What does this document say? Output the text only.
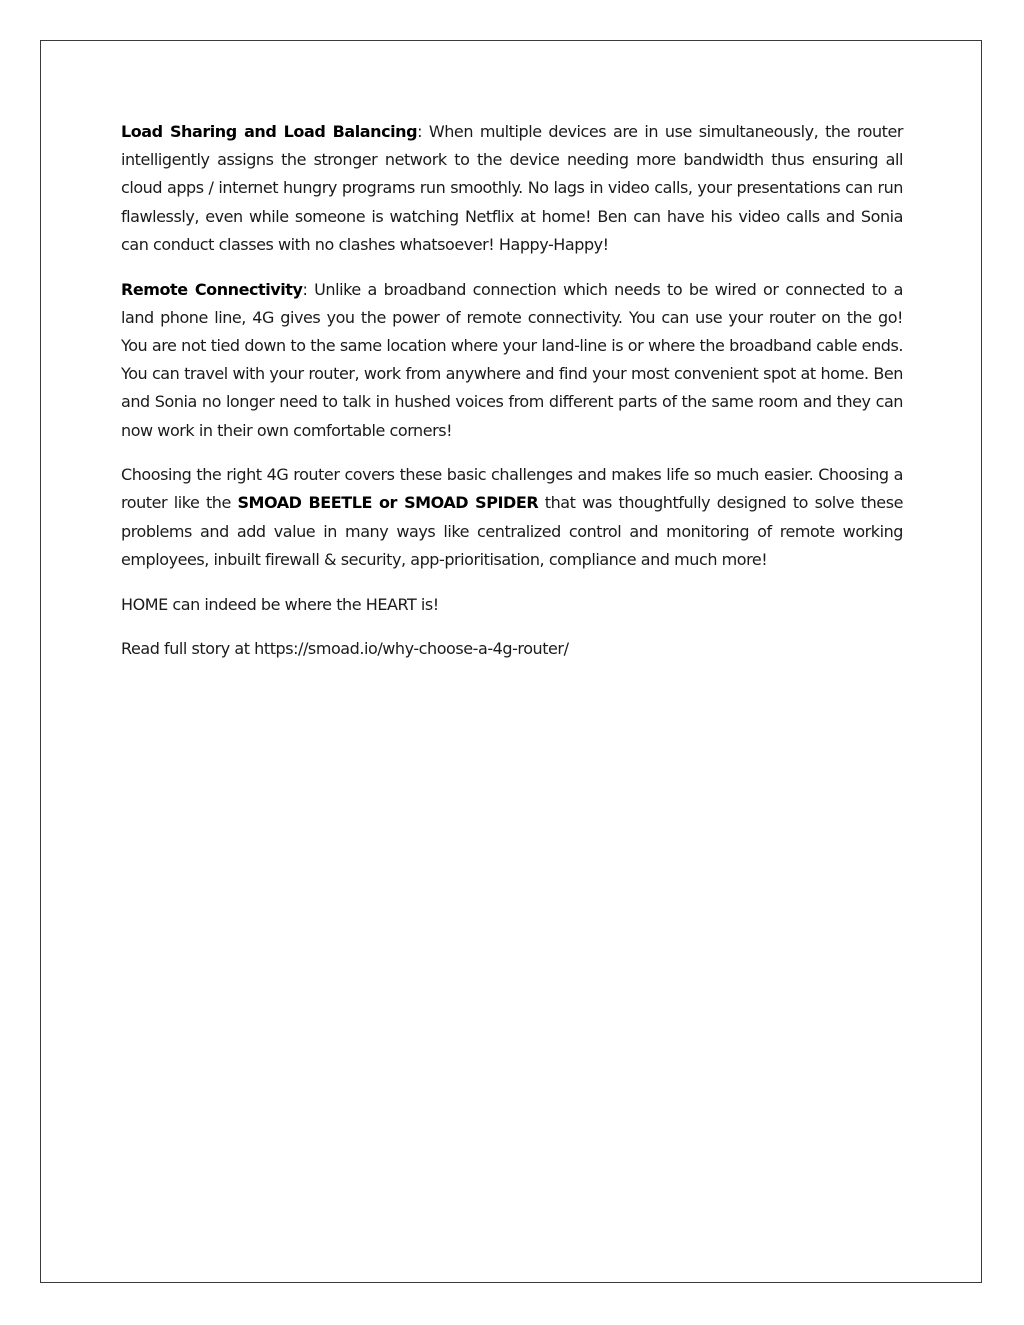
Load Sharing and Load Balancing: When multiple devices are in use simultaneously, the router intelligently assigns the stronger network to the device needing more bandwidth thus ensuring all cloud apps / internet hungry programs run smoothly. No lags in video calls, your presentations can run flawlessly, even while someone is watching Netflix at home! Ben can have his video calls and Sonia can conduct classes with no clashes whatsoever! Happy-Happy!

Remote Connectivity: Unlike a broadband connection which needs to be wired or connected to a land phone line, 4G gives you the power of remote connectivity. You can use your router on the go! You are not tied down to the same location where your land-line is or where the broadband cable ends. You can travel with your router, work from anywhere and find your most convenient spot at home. Ben and Sonia no longer need to talk in hushed voices from different parts of the same room and they can now work in their own comfortable corners!

Choosing the right 4G router covers these basic challenges and makes life so much easier. Choosing a router like the SMOAD BEETLE or SMOAD SPIDER that was thoughtfully designed to solve these problems and add value in many ways like centralized control and monitoring of remote working employees, inbuilt firewall & security, app-prioritisation, compliance and much more!

HOME can indeed be where the HEART is!

Read full story at https://smoad.io/why-choose-a-4g-router/
